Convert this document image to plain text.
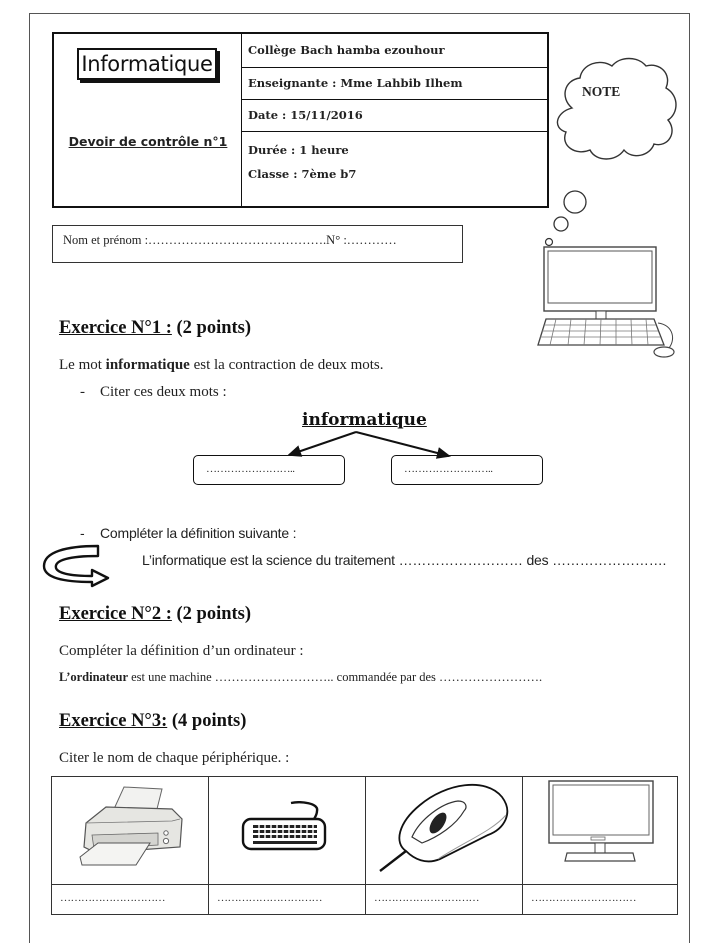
Informatique
Devoir de contrôle n°1
Collège Bach hamba ezouhour
Enseignante : Mme Lahbib Ilhem
Date : 15/11/2016
Durée : 1 heure
Classe : 7ème b7
NOTE
Nom et prénom :…………………………………….N° :…………
Exercice N°1 : (2 points)
Le mot informatique est la contraction de deux mots.
- Citer ces deux mots :
informatique
……………………..	……………………..
- Compléter la définition suivante :
L’informatique est la science du traitement ……………………… des …………………….
Exercice N°2 : (2 points)
Compléter la définition d’un ordinateur :
L’ordinateur est une machine ……………………….. commandée par des …………………….
Exercice N°3: (4 points)
Citer le nom de chaque périphérique. :
…………………………	…………………………	…………………………	…………………………
